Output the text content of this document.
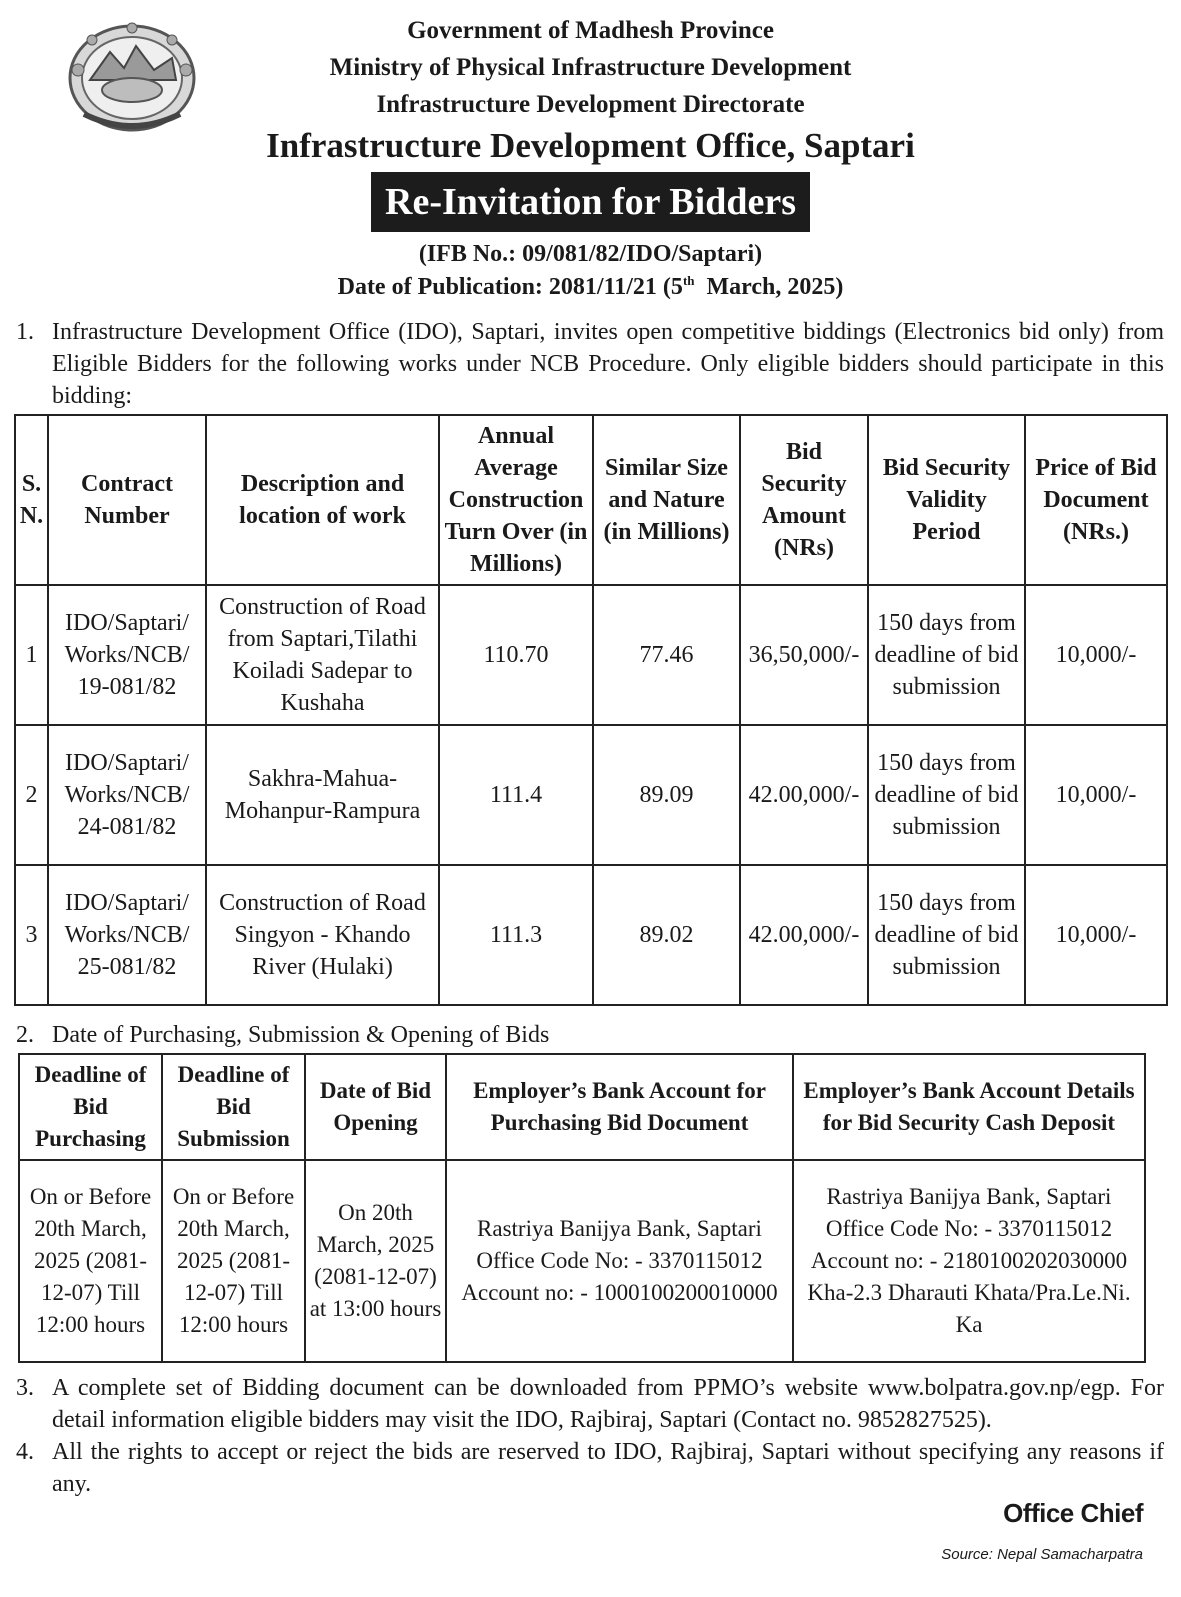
Government of Madhesh Province
Ministry of Physical Infrastructure Development
Infrastructure Development Directorate
Infrastructure Development Office, Saptari
Re-Invitation for Bidders
(IFB No.: 09/081/82/IDO/Saptari)
Date of Publication: 2081/11/21 (5th  March, 2025)
1. Infrastructure Development Office (IDO), Saptari, invites open competitive biddings (Electronics bid only) from Eligible Bidders for the following works under NCB Procedure. Only eligible bidders should participate in this bidding:
S. N.	Contract Number	Description and location of work	Annual Average Construction Turn Over (in Millions)	Similar Size and Nature (in Millions)	Bid Security Amount (NRs)	Bid Security Validity Period	Price of Bid Document (NRs.)
1	IDO/Saptari/ Works/NCB/ 19-081/82	Construction of Road from Saptari,Tilathi Koiladi Sadepar to Kushaha	110.70	77.46	36,50,000/-	150 days from deadline of bid submission	10,000/-
2	IDO/Saptari/ Works/NCB/ 24-081/82	Sakhra-Mahua-Mohanpur-Rampura	111.4	89.09	42.00,000/-	150 days from deadline of bid submission	10,000/-
3	IDO/Saptari/ Works/NCB/ 25-081/82	Construction of Road Singyon - Khando River (Hulaki)	111.3	89.02	42.00,000/-	150 days from deadline of bid submission	10,000/-
2. Date of Purchasing, Submission & Opening of Bids
Deadline of Bid Purchasing	Deadline of Bid Submission	Date of Bid Opening	Employer’s Bank Account for Purchasing Bid Document	Employer’s Bank Account Details for Bid Security Cash Deposit
On or Before 20th March, 2025 (2081-12-07) Till 12:00 hours	On or Before 20th March, 2025 (2081-12-07) Till 12:00 hours	On 20th March, 2025 (2081-12-07) at 13:00 hours	Rastriya Banijya Bank, Saptari Office Code No: - 3370115012 Account no: - 1000100200010000	Rastriya Banijya Bank, Saptari Office Code No: - 3370115012 Account no: - 2180100202030000 Kha-2.3 Dharauti Khata/Pra.Le.Ni. Ka
3. A complete set of Bidding document can be downloaded from PPMO’s website www.bolpatra.gov.np/egp. For detail information eligible bidders may visit the IDO, Rajbiraj, Saptari (Contact no. 9852827525).
4. All the rights to accept or reject the bids are reserved to IDO, Rajbiraj, Saptari without specifying any reasons if any.
Office Chief
Source: Nepal Samacharpatra
